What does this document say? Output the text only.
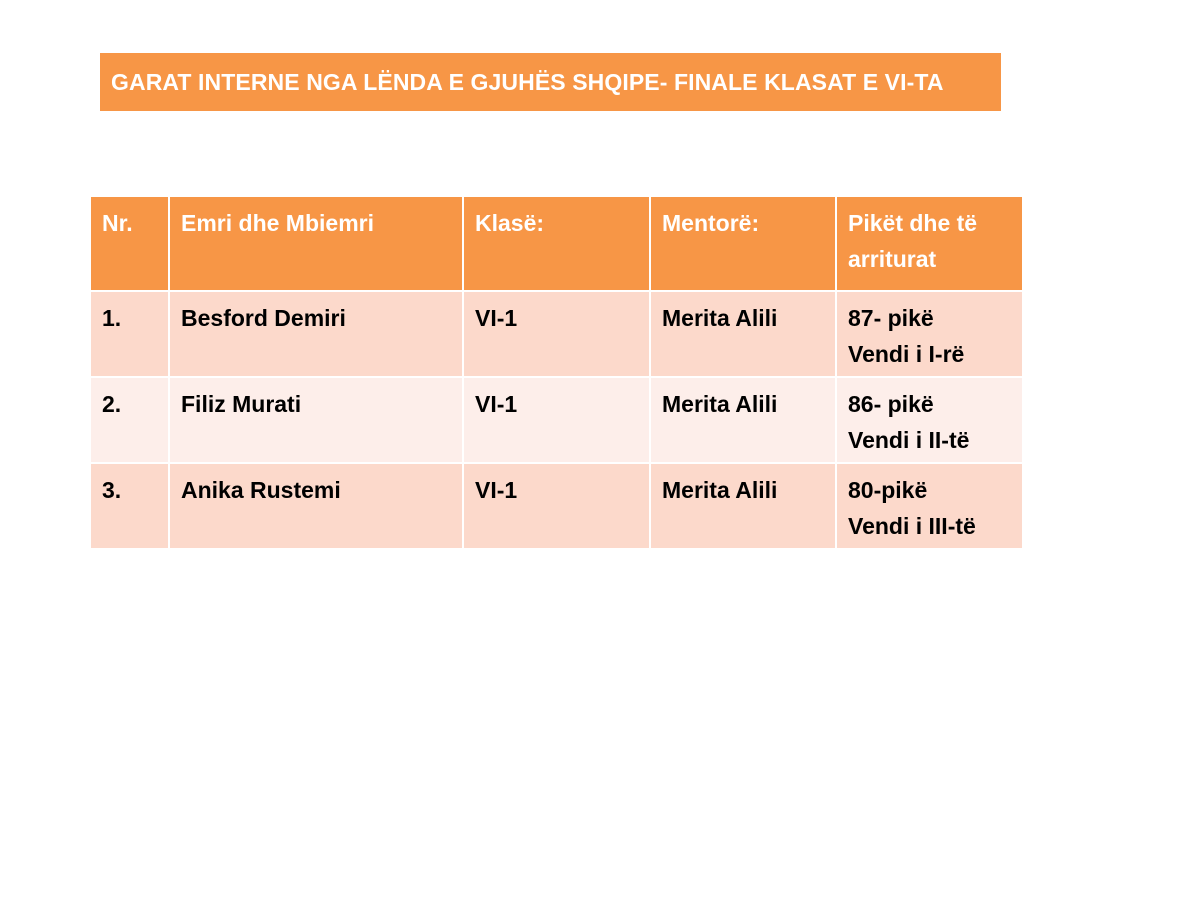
GARAT INTERNE NGA LËNDA E GJUHËS SHQIPE- FINALE KLASAT E VI-TA
Nr.	Emri dhe Mbiemri	Klasë:	Mentorë:	Pikët dhe të
arriturat

1.	Besford Demiri	VI-1	Merita Alili	87- pikë
Vendi i I-rë

2.	Filiz Murati	VI-1	Merita Alili	86- pikë
Vendi i II-të

3.	Anika Rustemi	VI-1	Merita Alili	80-pikë
Vendi i III-të
